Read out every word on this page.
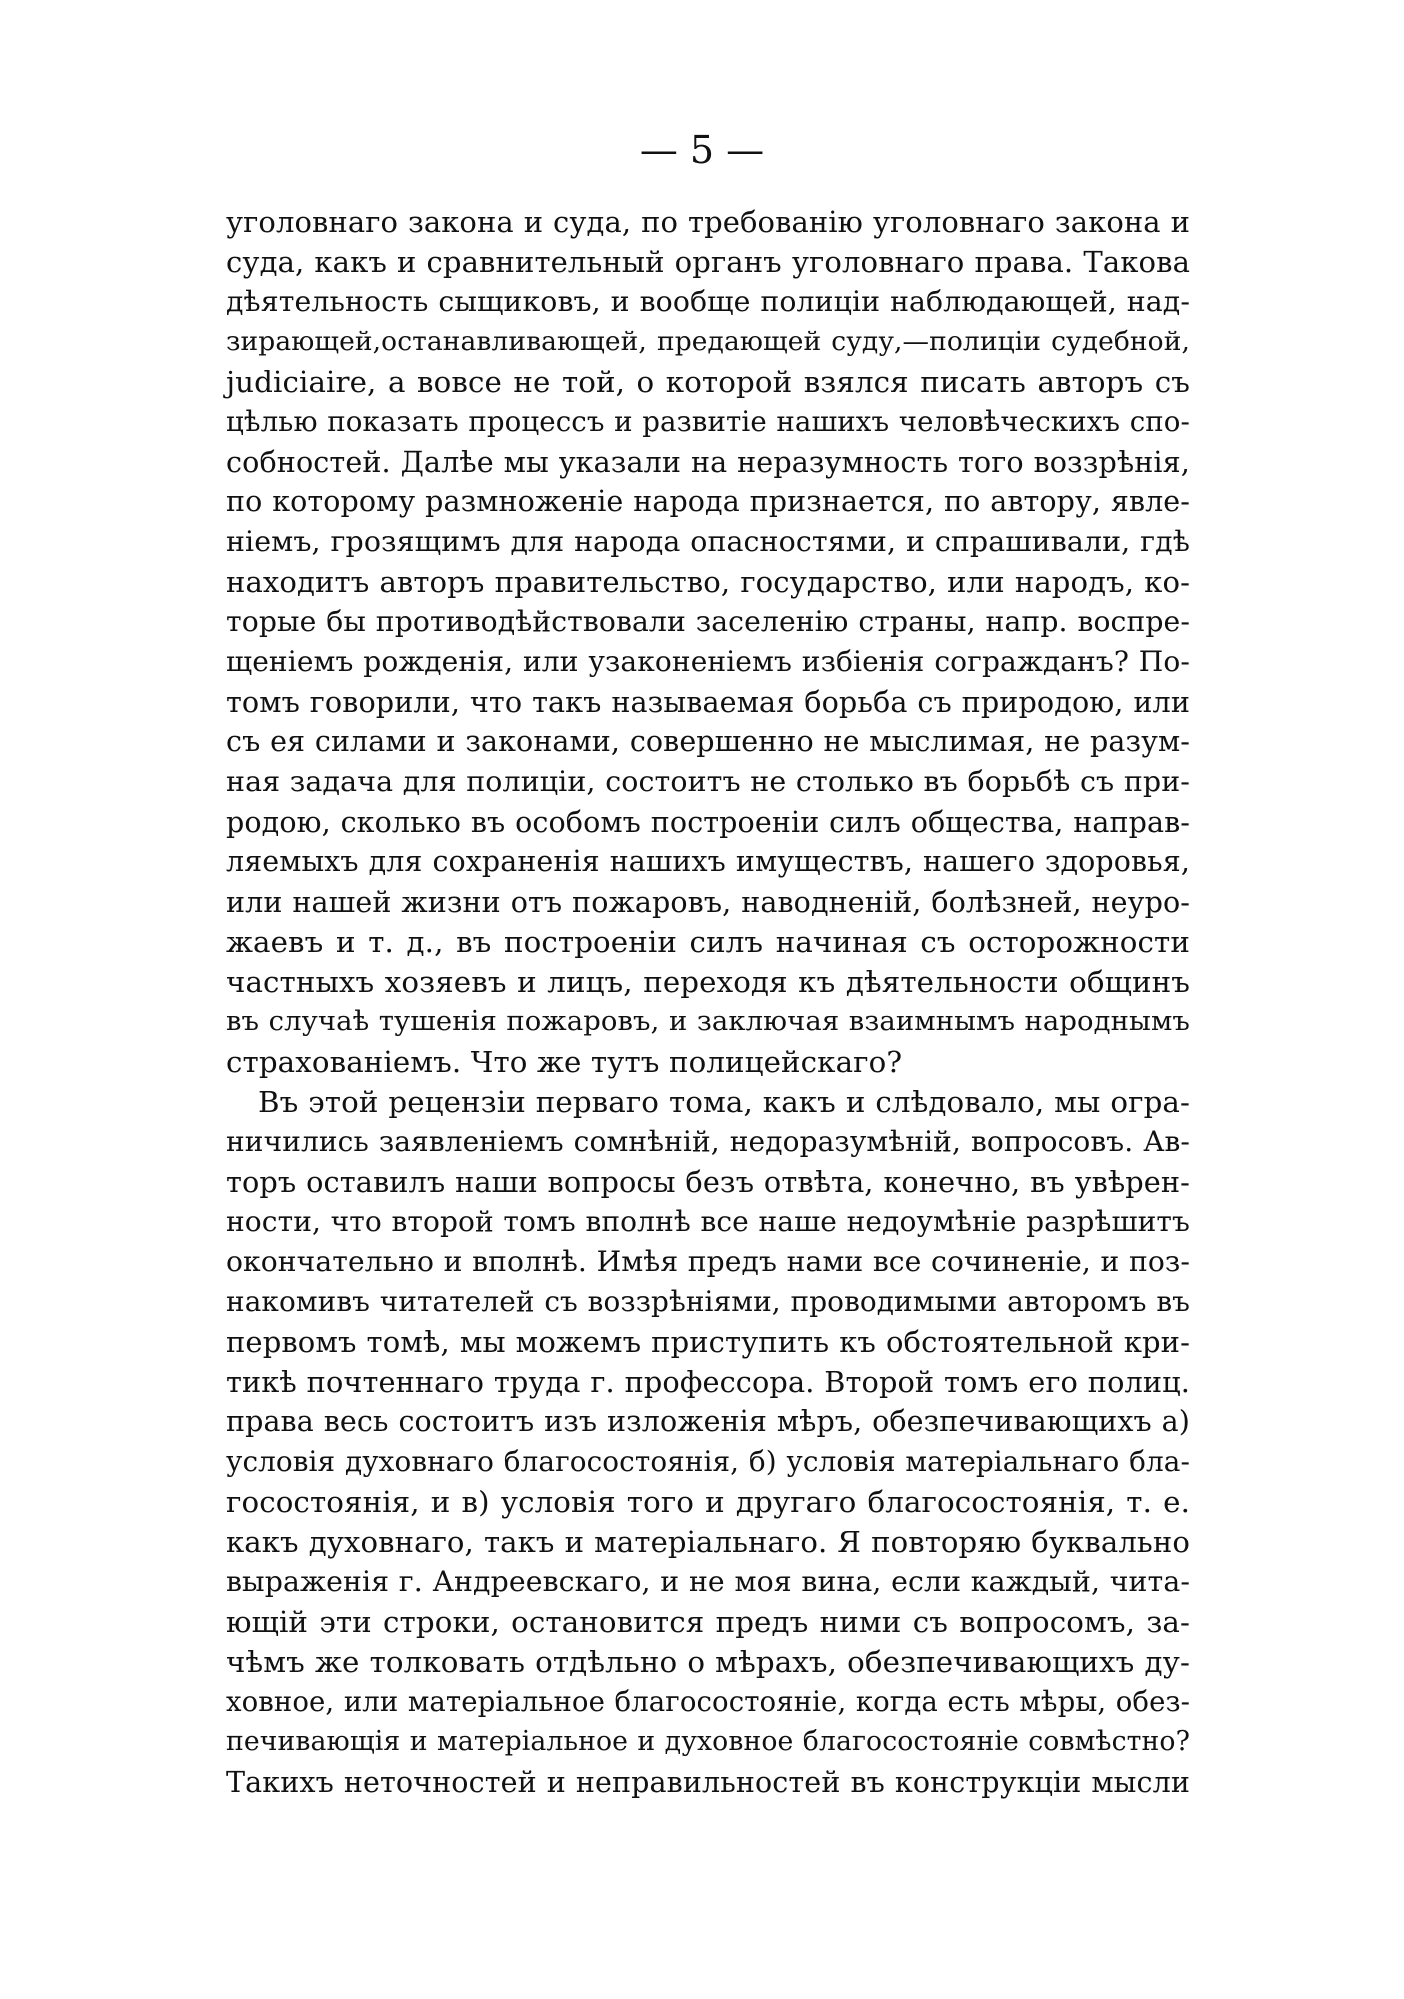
— 5 —
уголовнаго закона и суда, по требованію уголовнаго закона и
суда, какъ и сравнительный органъ уголовнаго права. Такова
дѣятельность сыщиковъ, и вообще полиціи наблюдающей, над-
зирающей,останавливающей, предающей суду,—полиціи судебной,
judiciaire, а вовсе не той, о которой взялся писать авторъ съ
цѣлью показать процессъ и развитіе нашихъ человѣческихъ спо-
собностей. Далѣе мы указали на неразумность того воззрѣнія,
по которому размноженіе народа признается, по автору, явле-
ніемъ, грозящимъ для народа опасностями, и спрашивали, гдѣ
находитъ авторъ правительство, государство, или народъ, ко-
торые бы противодѣйствовали заселенію страны, напр. воспре-
щеніемъ рожденія, или узаконеніемъ избіенія согражданъ? По-
томъ говорили, что такъ называемая борьба съ природою, или
съ ея силами и законами, совершенно не мыслимая, не разум-
ная задача для полиціи, состоитъ не столько въ борьбѣ съ при-
родою, сколько въ особомъ построеніи силъ общества, направ-
ляемыхъ для сохраненія нашихъ имуществъ, нашего здоровья,
или нашей жизни отъ пожаровъ, наводненій, болѣзней, неуро-
жаевъ и т. д., въ построеніи силъ начиная съ осторожности
частныхъ хозяевъ и лицъ, переходя къ дѣятельности общинъ
въ случаѣ тушенія пожаровъ, и заключая взаимнымъ народнымъ
страхованіемъ. Что же тутъ полицейскаго?
Въ этой рецензіи перваго тома, какъ и слѣдовало, мы огра-
ничились заявленіемъ сомнѣній, недоразумѣній, вопросовъ. Ав-
торъ оставилъ наши вопросы безъ отвѣта, конечно, въ увѣрен-
ности, что второй томъ вполнѣ все наше недоумѣніе разрѣшитъ
окончательно и вполнѣ. Имѣя предъ нами все сочиненіе, и поз-
накомивъ читателей съ воззрѣніями, проводимыми авторомъ въ
первомъ томѣ, мы можемъ приступить къ обстоятельной кри-
тикѣ почтеннаго труда г. профессора. Второй томъ его полиц.
права весь состоитъ изъ изложенія мѣръ, обезпечивающихъ а)
условія духовнаго благосостоянія, б) условія матеріальнаго бла-
госостоянія, и в) условія того и другаго благосостоянія, т. е.
какъ духовнаго, такъ и матеріальнаго. Я повторяю буквально
выраженія г. Андреевскаго, и не моя вина, если каждый, чита-
ющій эти строки, остановится предъ ними съ вопросомъ, за-
чѣмъ же толковать отдѣльно о мѣрахъ, обезпечивающихъ ду-
ховное, или матеріальное благосостояніе, когда есть мѣры, обез-
печивающія и матеріальное и духовное благосостояніе совмѣстно?
Такихъ неточностей и неправильностей въ конструкціи мысли
